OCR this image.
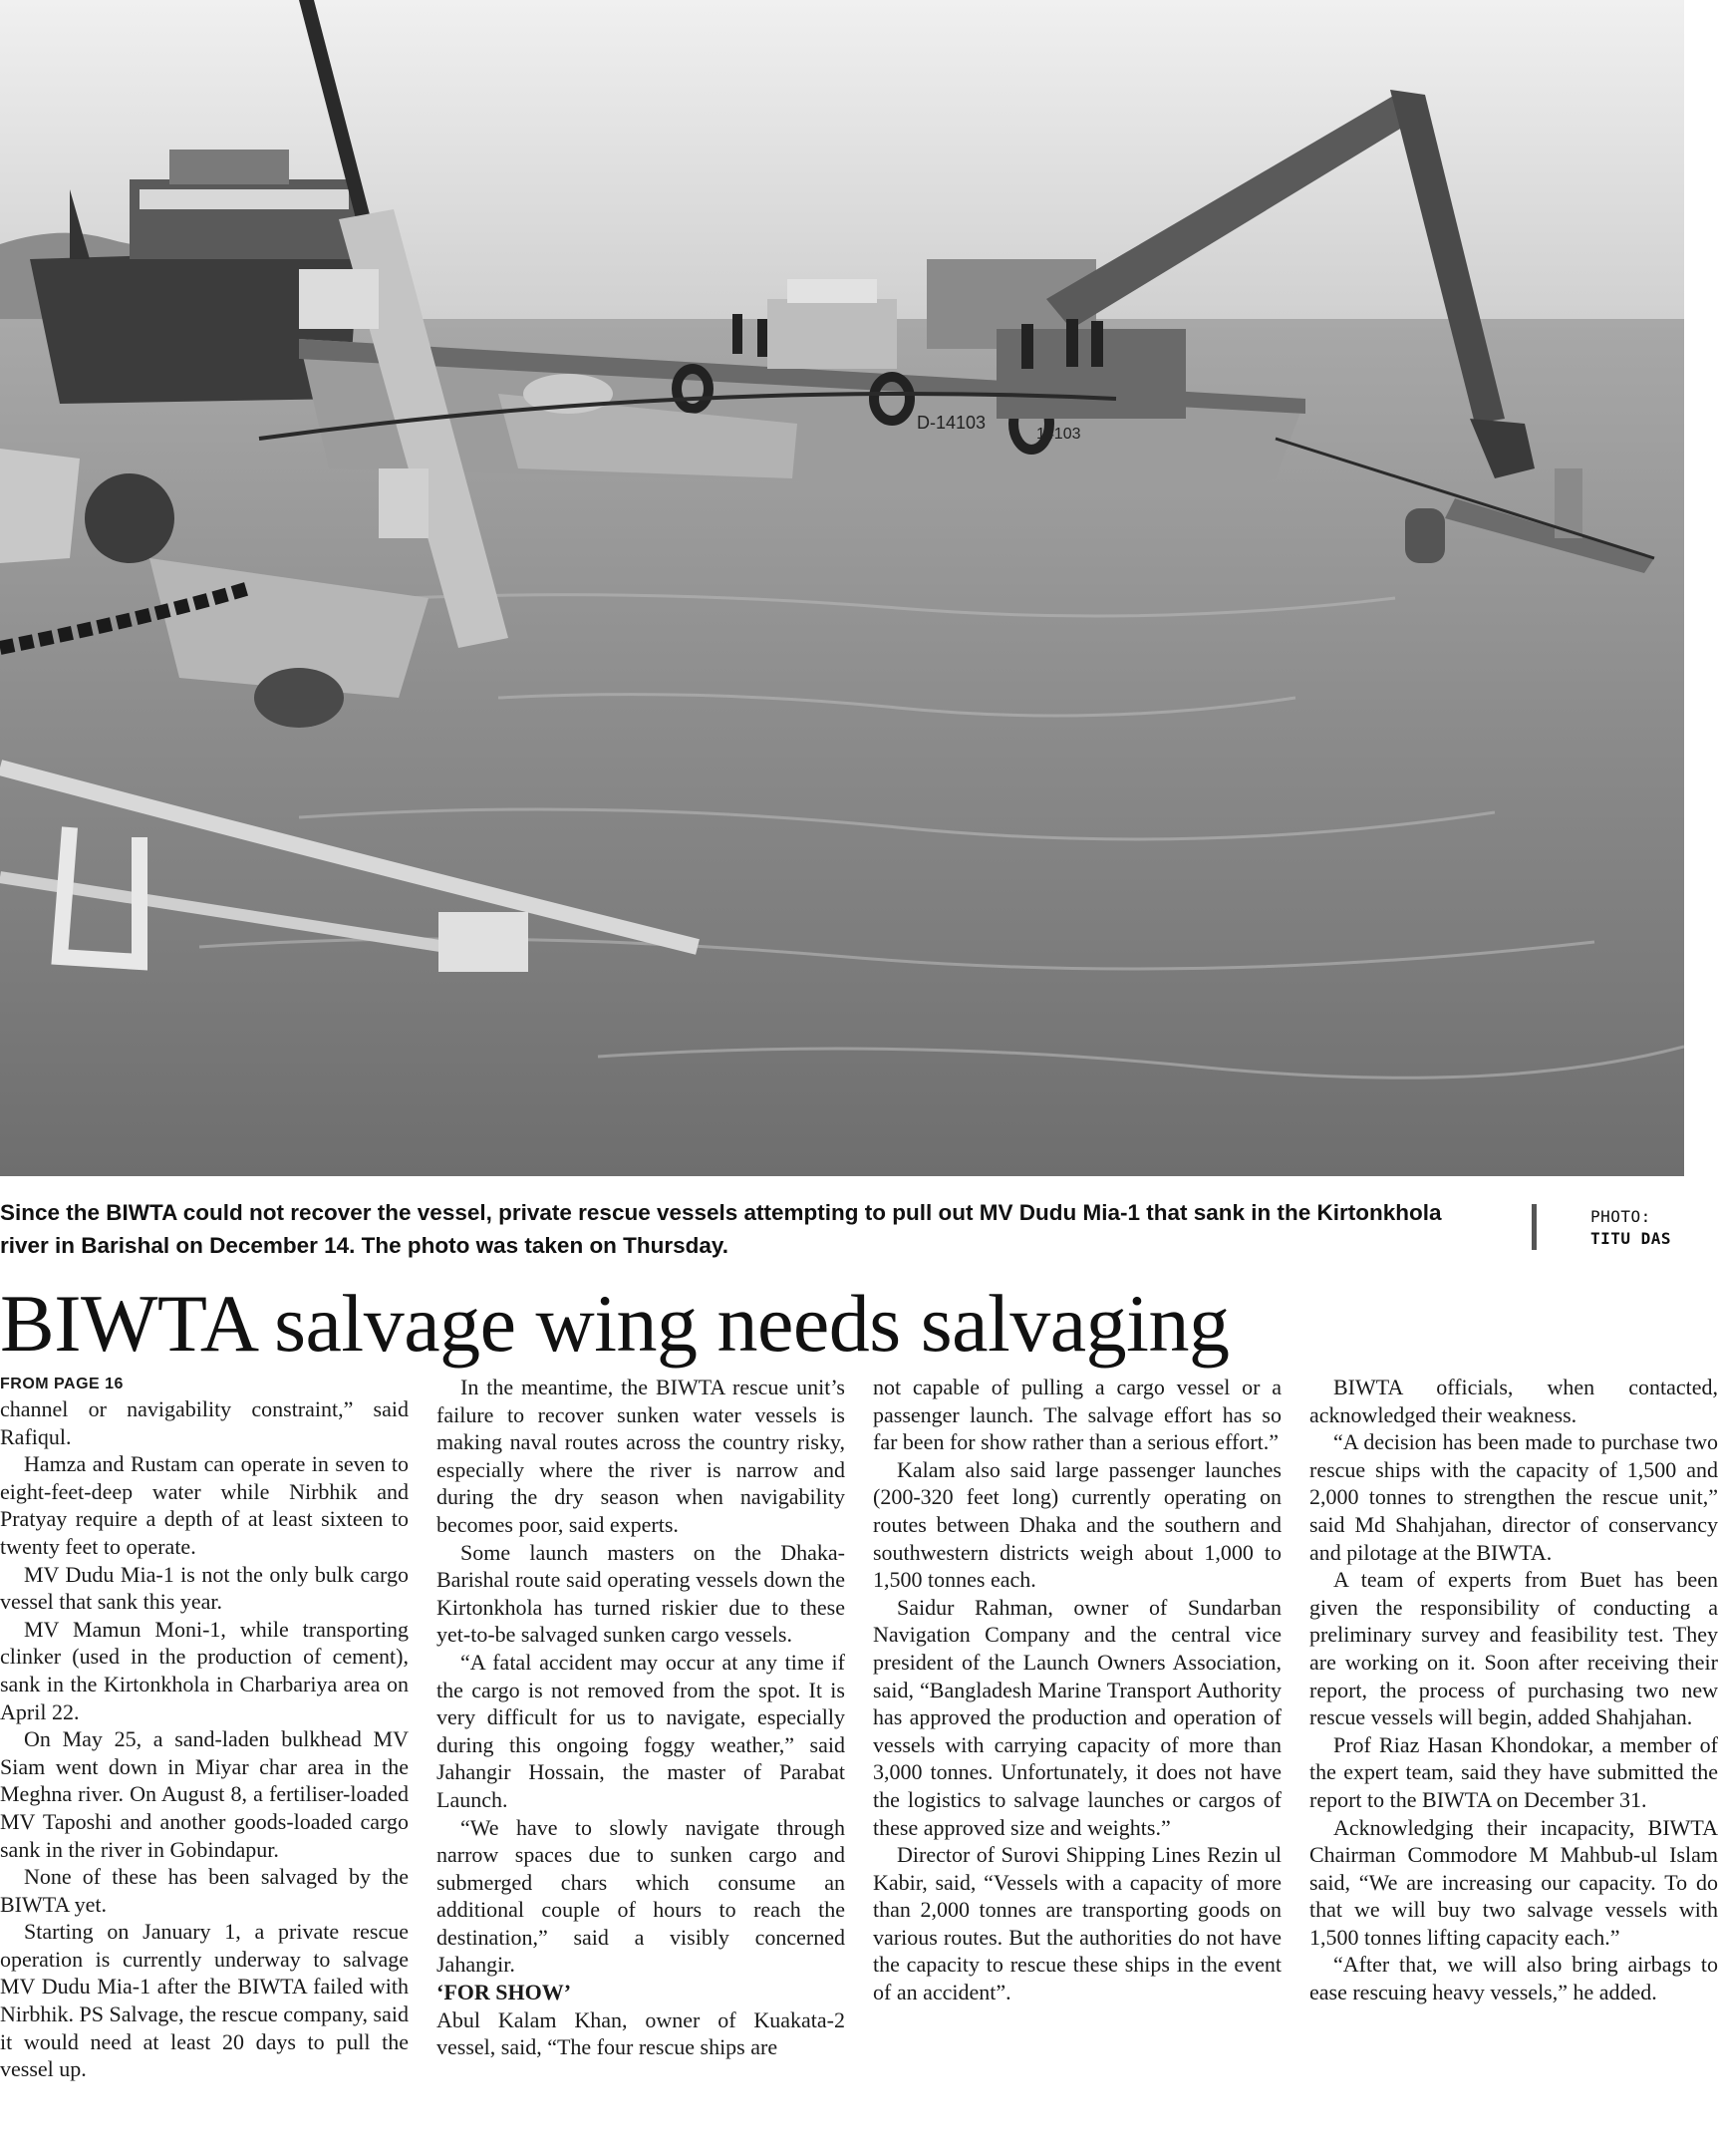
D-14103
14103
Since the BIWTA could not recover the vessel, private rescue vessels attempting to pull out MV Dudu Mia-1 that sank in the Kirtonkhola river in Barishal on December 14. The photo was taken on Thursday.
PHOTO:
TITU DAS
BIWTA salvage wing needs salvaging
FROM PAGE 16

channel or navigability constraint,” said Rafiqul.

Hamza and Rustam can operate in seven to eight-feet-deep water while Nirbhik and Pratyay require a depth of at least sixteen to twenty feet to operate.

MV Dudu Mia-1 is not the only bulk cargo vessel that sank this year.

MV Mamun Moni-1, while transporting clinker (used in the production of cement), sank in the Kirtonkhola in Charbariya area on April 22.

On May 25, a sand-laden bulkhead MV Siam went down in Miyar char area in the Meghna river. On August 8, a fertiliser-loaded MV Taposhi and another goods-loaded cargo sank in the river in Gobindapur.

None of these has been salvaged by the BIWTA yet.

Starting on January 1, a private rescue operation is currently underway to salvage MV Dudu Mia-1 after the BIWTA failed with Nirbhik. PS Salvage, the rescue company, said it would need at least 20 days to pull the vessel up.

In the meantime, the BIWTA rescue unit’s failure to recover sunken water vessels is making naval routes across the country risky, especially where the river is narrow and during the dry season when navigability becomes poor, said experts.

Some launch masters on the Dhaka-Barishal route said operating vessels down the Kirtonkhola has turned riskier due to these yet-to-be salvaged sunken cargo vessels.

“A fatal accident may occur at any time if the cargo is not removed from the spot. It is very difficult for us to navigate, especially during this ongoing foggy weather,” said Jahangir Hossain, the master of Parabat Launch.

“We have to slowly navigate through narrow spaces due to sunken cargo and submerged chars which consume an additional couple of hours to reach the destination,” said a visibly concerned Jahangir.

‘FOR SHOW’

Abul Kalam Khan, owner of Kuakata-2 vessel, said, “The four rescue ships are

not capable of pulling a cargo vessel or a passenger launch. The salvage effort has so far been for show rather than a serious effort.”

Kalam also said large passenger launches (200-320 feet long) currently operating on routes between Dhaka and the southern and southwestern districts weigh about 1,000 to 1,500 tonnes each.

Saidur Rahman, owner of Sundarban Navigation Company and the central vice president of the Launch Owners Association, said, “Bangladesh Marine Transport Authority has approved the production and operation of vessels with carrying capacity of more than 3,000 tonnes. Unfortunately, it does not have the logistics to salvage launches or cargos of these approved size and weights.”

Director of Surovi Shipping Lines Rezin ul Kabir, said, “Vessels with a capacity of more than 2,000 tonnes are transporting goods on various routes. But the authorities do not have the capacity to rescue these ships in the event of an accident”.

BIWTA officials, when contacted, acknowledged their weakness.

“A decision has been made to purchase two rescue ships with the capacity of 1,500 and 2,000 tonnes to strengthen the rescue unit,” said Md Shahjahan, director of conservancy and pilotage at the BIWTA.

A team of experts from Buet has been given the responsibility of conducting a preliminary survey and feasibility test. They are working on it. Soon after receiving their report, the process of purchasing two new rescue vessels will begin, added Shahjahan.

Prof Riaz Hasan Khondokar, a member of the expert team, said they have submitted the report to the BIWTA on December 31.

Acknowledging their incapacity, BIWTA Chairman Commodore M Mahbub-ul Islam said, “We are increasing our capacity. To do that we will buy two salvage vessels with 1,500 tonnes lifting capacity each.”

“After that, we will also bring airbags to ease rescuing heavy vessels,” he added.
